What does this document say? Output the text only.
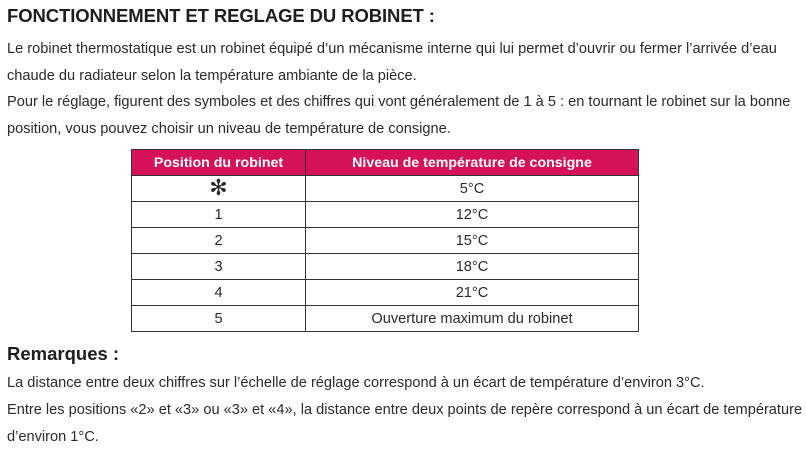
FONCTIONNEMENT ET REGLAGE DU ROBINET :

Le robinet thermostatique est un robinet équipé d’un mécanisme interne qui lui permet d’ouvrir ou fermer l’arrivée d’eau chaude du radiateur selon la température ambiante de la pièce.

Pour le réglage, figurent des symboles et des chiffres qui vont généralement de 1 à 5 : en tournant le robinet sur la bonne position, vous pouvez choisir un niveau de température de consigne.

Position du robinet	Niveau de température de consigne
✻	5°C
1	12°C
2	15°C
3	18°C
4	21°C
5	Ouverture maximum du robinet
Remarques :

La distance entre deux chiffres sur l’échelle de réglage correspond à un écart de température d’environ 3°C.

Entre les positions «2» et «3» ou «3» et «4», la distance entre deux points de repère correspond à un écart de température d’environ 1°C.
